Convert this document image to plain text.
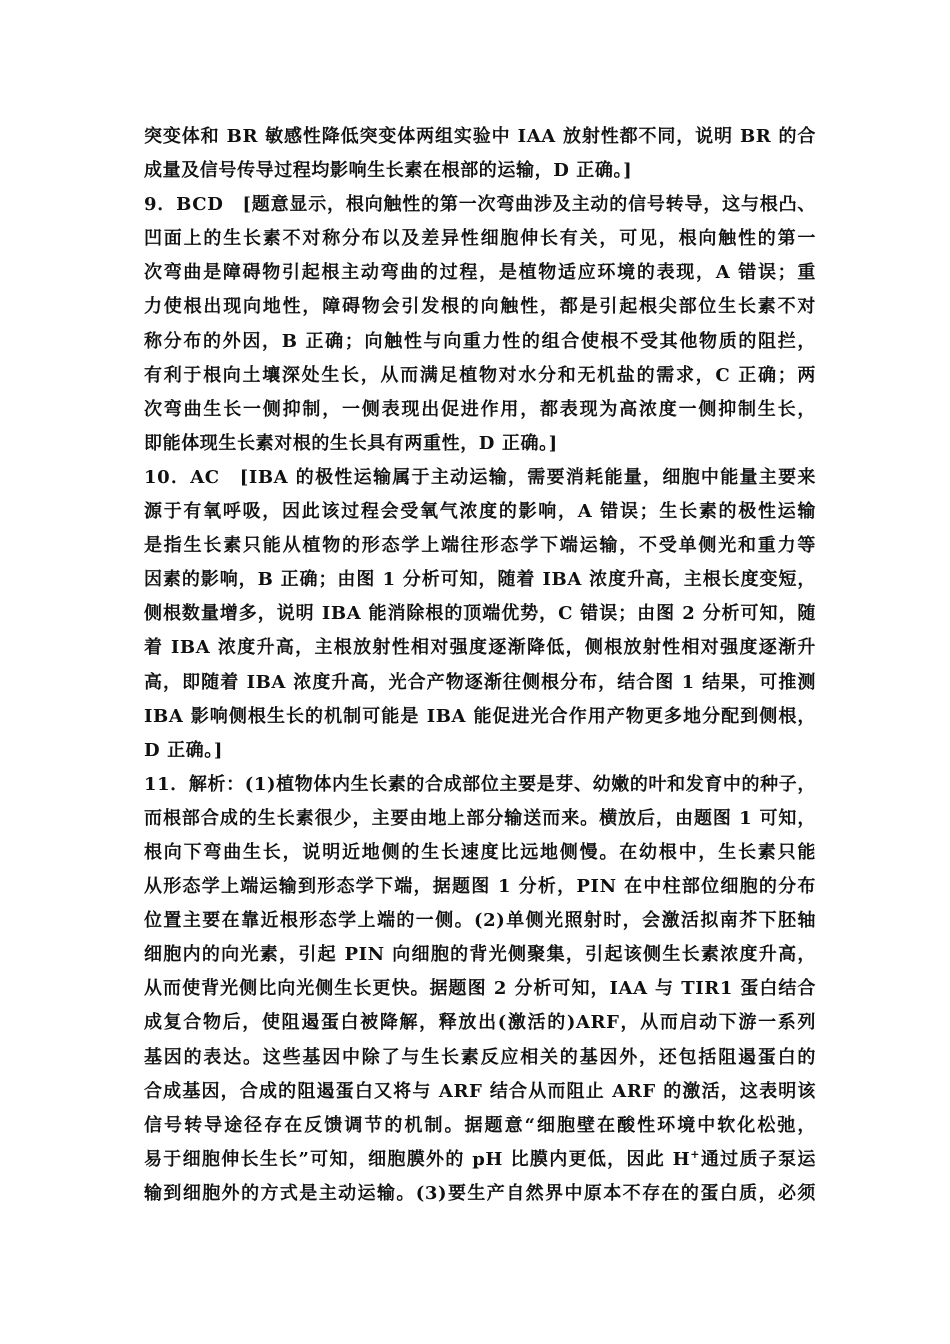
突变体和 BR 敏感性降低突变体两组实验中 IAA 放射性都不同，说明 BR 的合
成量及信号传导过程均影响生长素在根部的运输，D 正确。]
9．BCD　[题意显示，根向触性的第一次弯曲涉及主动的信号转导，这与根凸、
凹面上的生长素不对称分布以及差异性细胞伸长有关，可见，根向触性的第一
次弯曲是障碍物引起根主动弯曲的过程，是植物适应环境的表现，A 错误；重
力使根出现向地性，障碍物会引发根的向触性，都是引起根尖部位生长素不对
称分布的外因，B 正确；向触性与向重力性的组合使根不受其他物质的阻拦，
有利于根向土壤深处生长，从而满足植物对水分和无机盐的需求，C 正确；两
次弯曲生长一侧抑制，一侧表现出促进作用，都表现为高浓度一侧抑制生长，
即能体现生长素对根的生长具有两重性，D 正确。]
10．AC　[IBA 的极性运输属于主动运输，需要消耗能量，细胞中能量主要来
源于有氧呼吸，因此该过程会受氧气浓度的影响，A 错误；生长素的极性运输
是指生长素只能从植物的形态学上端往形态学下端运输，不受单侧光和重力等
因素的影响，B 正确；由图 1 分析可知，随着 IBA 浓度升高，主根长度变短，
侧根数量增多，说明 IBA 能消除根的顶端优势，C 错误；由图 2 分析可知，随
着 IBA 浓度升高，主根放射性相对强度逐渐降低，侧根放射性相对强度逐渐升
高，即随着 IBA 浓度升高，光合产物逐渐往侧根分布，结合图 1 结果，可推测
IBA 影响侧根生长的机制可能是 IBA 能促进光合作用产物更多地分配到侧根，
D 正确。]
11．解析：(1)植物体内生长素的合成部位主要是芽、幼嫩的叶和发育中的种子，
而根部合成的生长素很少，主要由地上部分输送而来。横放后，由题图 1 可知，
根向下弯曲生长，说明近地侧的生长速度比远地侧慢。在幼根中，生长素只能
从形态学上端运输到形态学下端，据题图 1 分析，PIN 在中柱部位细胞的分布
位置主要在靠近根形态学上端的一侧。(2)单侧光照射时，会激活拟南芥下胚轴
细胞内的向光素，引起 PIN 向细胞的背光侧聚集，引起该侧生长素浓度升高，
从而使背光侧比向光侧生长更快。据题图 2 分析可知，IAA 与 TIR1 蛋白结合
成复合物后，使阻遏蛋白被降解，释放出(激活的)ARF，从而启动下游一系列
基因的表达。这些基因中除了与生长素反应相关的基因外，还包括阻遏蛋白的
合成基因，合成的阻遏蛋白又将与 ARF 结合从而阻止 ARF 的激活，这表明该
信号转导途径存在反馈调节的机制。据题意“细胞壁在酸性环境中软化松弛，
易于细胞伸长生长”可知，细胞膜外的 pH 比膜内更低，因此 H+通过质子泵运
输到细胞外的方式是主动运输。(3)要生产自然界中原本不存在的蛋白质，必须
